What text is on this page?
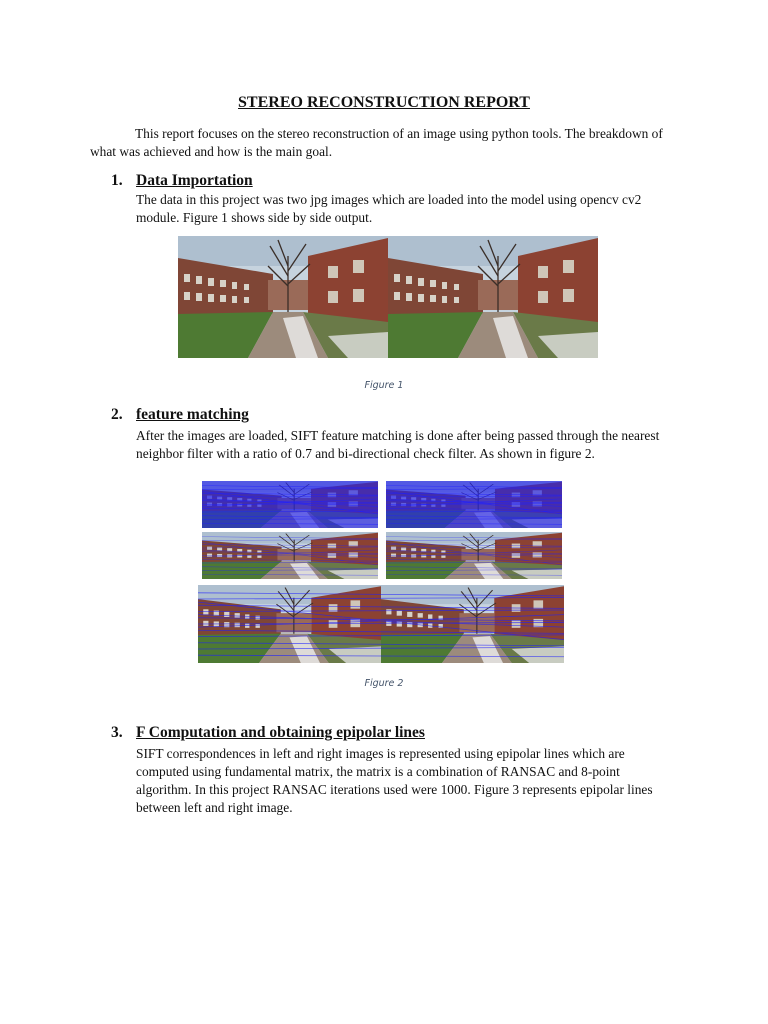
STEREO RECONSTRUCTION REPORT
This report focuses on the stereo reconstruction of an image using python tools. The breakdown of what was achieved and how is the main goal.
1. Data Importation
The data in this project was two jpg images which are loaded into the model using opencv cv2
module. Figure 1 shows side by side output.
Figure 1
2. feature matching
After the images are loaded, SIFT feature matching is done after being passed through the nearest
neighbor filter with a ratio of 0.7 and bi-directional check filter. As shown in figure 2.
Figure 2
3. F Computation and obtaining epipolar lines
SIFT correspondences in left and right images is represented using epipolar lines which are
computed using fundamental matrix, the matrix is a combination of RANSAC and 8-point
algorithm. In this project RANSAC iterations used were 1000. Figure 3 represents epipolar lines
between left and right image.
